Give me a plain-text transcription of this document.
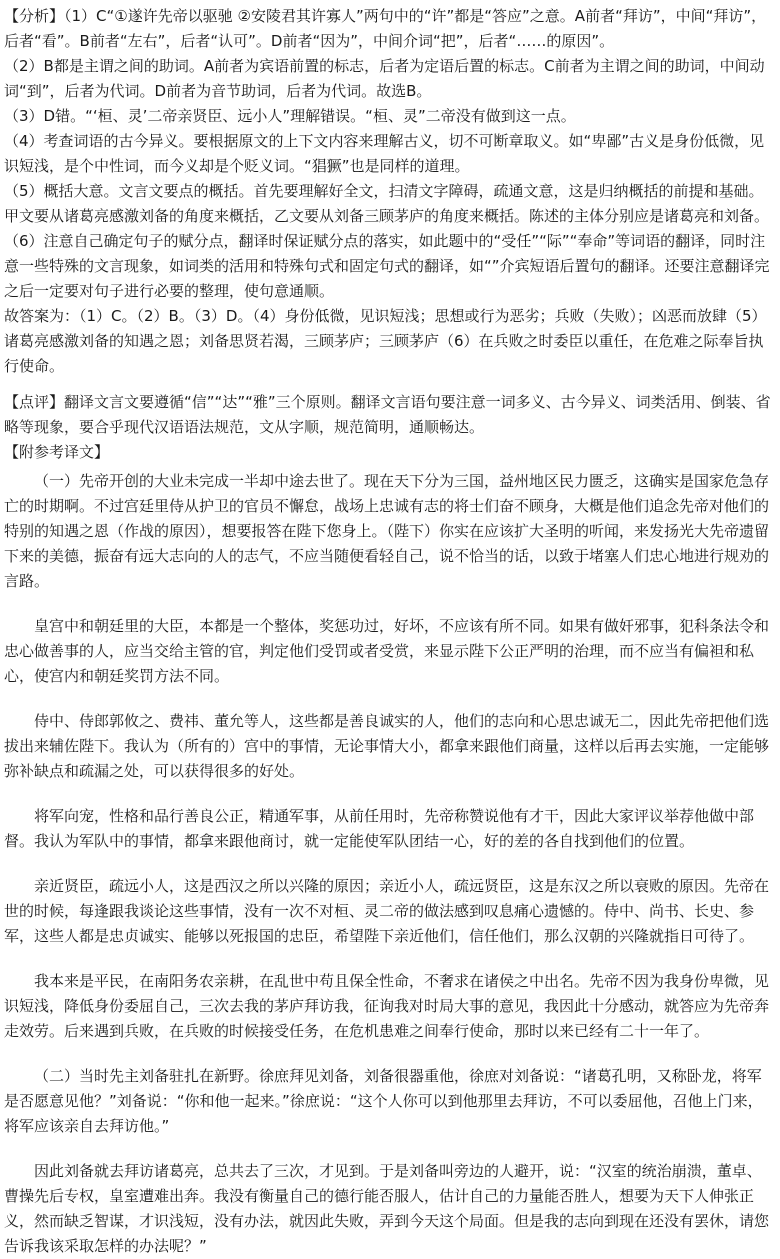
【分析】（1）C“①遂许先帝以驱驰 ②安陵君其许寡人”两句中的“许”都是“答应”之意。A前者“拜访”，中间“拜访”，后者“看”。B前者“左右”，后者“认可”。D前者“因为”，中间介词“把”，后者“……的原因”。

（2）B都是主谓之间的助词。A前者为宾语前置的标志，后者为定语后置的标志。C前者为主谓之间的助词，中间动词“到”，后者为代词。D前者为音节助词，后者为代词。故选B。

（3）D错。“‘桓、灵’二帝亲贤臣、远小人”理解错误。“桓、灵”二帝没有做到这一点。

（4）考查词语的古今异义。要根据原文的上下文内容来理解古义，切不可断章取义。如“卑鄙”古义是身份低微，见识短浅，是个中性词，而今义却是个贬义词。“猖獗”也是同样的道理。

（5）概括大意。文言文要点的概括。首先要理解好全文，扫清文字障碍，疏通文意，这是归纳概括的前提和基础。甲文要从诸葛亮感激刘备的角度来概括，乙文要从刘备三顾茅庐的角度来概括。陈述的主体分别应是诸葛亮和刘备。

（6）注意自己确定句子的赋分点，翻译时保证赋分点的落实，如此题中的“受任”“际”“奉命”等词语的翻译，同时注意一些特殊的文言现象，如词类的活用和特殊句式和固定句式的翻译，如“”介宾短语后置句的翻译。还要注意翻译完之后一定要对句子进行必要的整理，使句意通顺。

故答案为：（1）C。（2）B。（3）D。（4）身份低微，见识短浅；思想或行为恶劣；兵败（失败）；凶恶而放肆（5）诸葛亮感激刘备的知遇之恩；刘备思贤若渴，三顾茅庐；三顾茅庐（6）在兵败之时委臣以重任，在危难之际奉旨执行使命。

【点评】翻译文言文要遵循“信”“达”“雅”三个原则。翻译文言语句要注意一词多义、古今异义、词类活用、倒装、省略等现象，要合乎现代汉语语法规范，文从字顺，规范简明，通顺畅达。

【附参考译文】

（一）先帝开创的大业未完成一半却中途去世了。现在天下分为三国，益州地区民力匮乏，这确实是国家危急存亡的时期啊。不过宫廷里侍从护卫的官员不懈怠，战场上忠诚有志的将士们奋不顾身，大概是他们追念先帝对他们的特别的知遇之恩（作战的原因），想要报答在陛下您身上。（陛下）你实在应该扩大圣明的听闻，来发扬光大先帝遗留下来的美德，振奋有远大志向的人的志气，不应当随便看轻自己，说不恰当的话，以致于堵塞人们忠心地进行规劝的言路。

皇宫中和朝廷里的大臣，本都是一个整体，奖惩功过，好坏，不应该有所不同。如果有做奸邪事，犯科条法令和忠心做善事的人，应当交给主管的官，判定他们受罚或者受赏，来显示陛下公正严明的治理，而不应当有偏袒和私心，使宫内和朝廷奖罚方法不同。

侍中、侍郎郭攸之、费祎、董允等人，这些都是善良诚实的人，他们的志向和心思忠诚无二，因此先帝把他们选拔出来辅佐陛下。我认为（所有的）宫中的事情，无论事情大小，都拿来跟他们商量，这样以后再去实施，一定能够弥补缺点和疏漏之处，可以获得很多的好处。

将军向宠，性格和品行善良公正，精通军事，从前任用时，先帝称赞说他有才干，因此大家评议举荐他做中部督。我认为军队中的事情，都拿来跟他商讨，就一定能使军队团结一心，好的差的各自找到他们的位置。

亲近贤臣，疏远小人，这是西汉之所以兴隆的原因；亲近小人，疏远贤臣，这是东汉之所以衰败的原因。先帝在世的时候，每逢跟我谈论这些事情，没有一次不对桓、灵二帝的做法感到叹息痛心遗憾的。侍中、尚书、长史、参军，这些人都是忠贞诚实、能够以死报国的忠臣，希望陛下亲近他们，信任他们，那么汉朝的兴隆就指日可待了。

我本来是平民，在南阳务农亲耕，在乱世中苟且保全性命，不奢求在诸侯之中出名。先帝不因为我身份卑微，见识短浅，降低身份委屈自己，三次去我的茅庐拜访我，征询我对时局大事的意见，我因此十分感动，就答应为先帝奔走效劳。后来遇到兵败，在兵败的时候接受任务，在危机患难之间奉行使命，那时以来已经有二十一年了。

（二）当时先主刘备驻扎在新野。徐庶拜见刘备，刘备很器重他，徐庶对刘备说：“诸葛孔明，又称卧龙，将军是否愿意见他？”刘备说：“你和他一起来。”徐庶说：“这个人你可以到他那里去拜访，不可以委屈他，召他上门来，将军应该亲自去拜访他。”

因此刘备就去拜访诸葛亮，总共去了三次，才见到。于是刘备叫旁边的人避开，说：“汉室的统治崩溃，董卓、曹操先后专权，皇室遭难出奔。我没有衡量自己的德行能否服人，估计自己的力量能否胜人，想要为天下人伸张正义，然而缺乏智谋，才识浅短，没有办法，就因此失败，弄到今天这个局面。但是我的志向到现在还没有罢休，请您告诉我该采取怎样的办法呢？”
